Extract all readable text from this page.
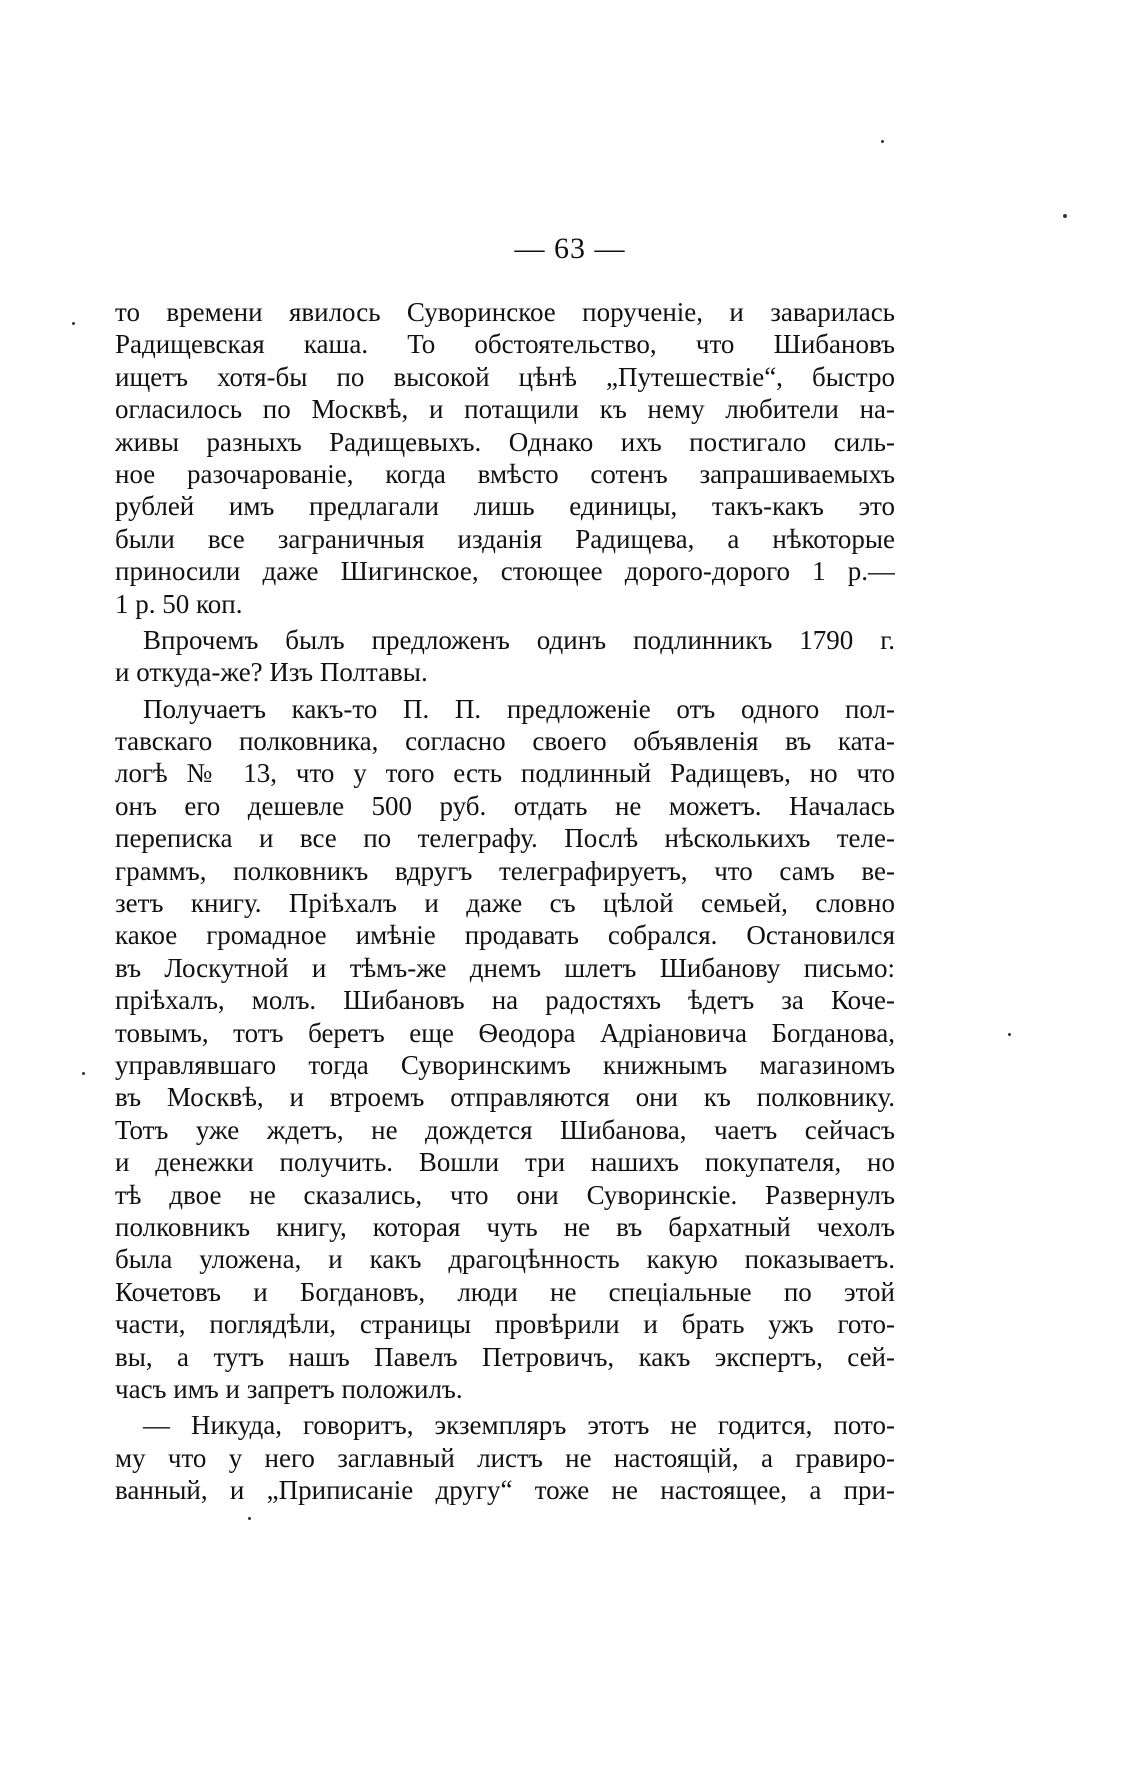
— 63 —

то времени явилось Суворинское порученіе, и заварилась
Радищевская каша. То обстоятельство, что Шибановъ
ищетъ хотя-бы по высокой цѣнѣ „Путешествіе“, быстро
огласилось по Москвѣ, и потащили къ нему любители на-
живы разныхъ Радищевыхъ. Однако ихъ постигало силь-
ное разочарованіе, когда вмѣсто сотенъ запрашиваемыхъ
рублей имъ предлагали лишь единицы, такъ-какъ это
были все заграничныя изданія Радищева, а нѣкоторые
приносили даже Шигинское, стоющее дорого-дорого 1 р.—
1 р. 50 коп.

Впрочемъ былъ предложенъ одинъ подлинникъ 1790 г.
и откуда-же? Изъ Полтавы.

Получаетъ какъ-то П. П. предложеніе отъ одного пол-
тавскаго полковника, согласно своего объявленія въ ката-
логѣ № 13, что у того есть подлинный Радищевъ, но что
онъ его дешевле 500 руб. отдать не можетъ. Началась
переписка и все по телеграфу. Послѣ нѣсколькихъ теле-
граммъ, полковникъ вдругъ телеграфируетъ, что самъ ве-
зетъ книгу. Пріѣхалъ и даже съ цѣлой семьей, словно
какое громадное имѣніе продавать собрался. Остановился
въ Лоскутной и тѣмъ-же днемъ шлетъ Шибанову письмо:
пріѣхалъ, молъ. Шибановъ на радостяхъ ѣдетъ за Коче-
товымъ, тотъ беретъ еще Ѳеодора Адріановича Богданова,
управлявшаго тогда Суворинскимъ книжнымъ магазиномъ
въ Москвѣ, и втроемъ отправляются они къ полковнику.
Тотъ уже ждетъ, не дождется Шибанова, чаетъ сейчасъ
и денежки получить. Вошли три нашихъ покупателя, но
тѣ двое не сказались, что они Суворинскіе. Развернулъ
полковникъ книгу, которая чуть не въ бархатный чехолъ
была уложена, и какъ драгоцѣнность какую показываетъ.
Кочетовъ и Богдановъ, люди не спеціальные по этой
части, поглядѣли, страницы провѣрили и брать ужъ гото-
вы, а тутъ нашъ Павелъ Петровичъ, какъ экспертъ, сей-
часъ имъ и запретъ положилъ.

— Никуда, говоритъ, экземпляръ этотъ не годится, пото-
му что у него заглавный листъ не настоящій, а гравиро-
ванный, и „Приписаніе другу“ тоже не настоящее, а при-
